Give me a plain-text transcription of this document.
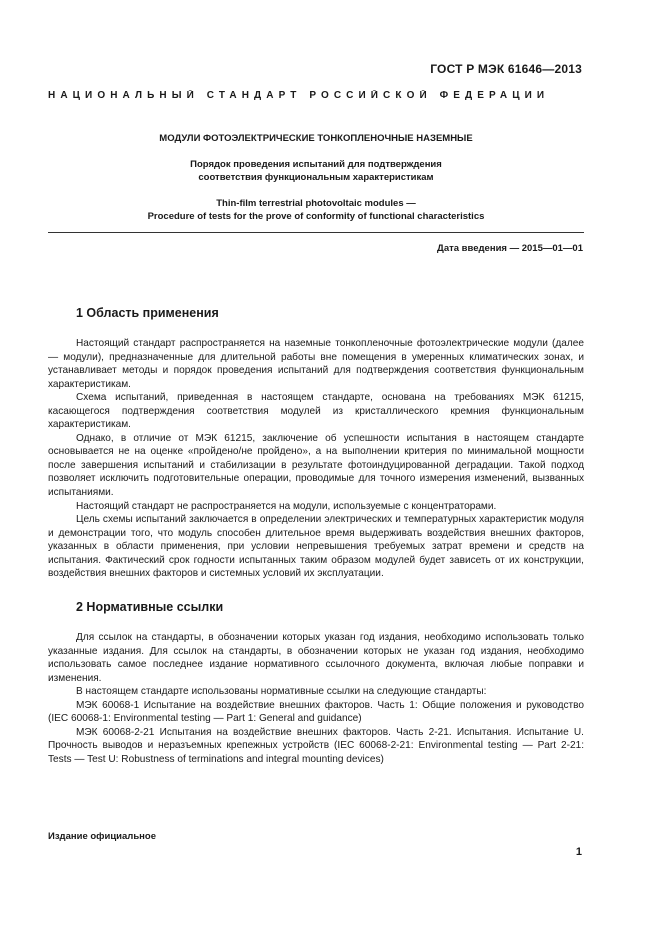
ГОСТ Р МЭК 61646—2013
НАЦИОНАЛЬНЫЙ СТАНДАРТ РОССИЙСКОЙ ФЕДЕРАЦИИ
МОДУЛИ ФОТОЭЛЕКТРИЧЕСКИЕ ТОНКОПЛЕНОЧНЫЕ НАЗЕМНЫЕ
Порядок проведения испытаний для подтверждения
соответствия функциональным характеристикам
Thin-film terrestrial photovoltaic modules —
Procedure of tests for the prove of conformity of functional characteristics
Дата введения — 2015—01—01
1 Область применения

Настоящий стандарт распространяется на наземные тонкопленочные фотоэлектрические модули (далее — модули), предназначенные для длительной работы вне помещения в умеренных климатических зонах, и устанавливает методы и порядок проведения испытаний для подтверждения соответствия функциональным характеристикам.

Схема испытаний, приведенная в настоящем стандарте, основана на требованиях МЭК 61215, касающегося подтверждения соответствия модулей из кристаллического кремния функциональным характеристикам.

Однако, в отличие от МЭК 61215, заключение об успешности испытания в настоящем стандарте основывается не на оценке «пройдено/не пройдено», а на выполнении критерия по минимальной мощности после завершения испытаний и стабилизации в результате фотоиндуцированной деградации. Такой подход позволяет исключить подготовительные операции, проводимые для точного измерения изменений, вызванных испытаниями.

Настоящий стандарт не распространяется на модули, используемые с концентраторами.

Цель схемы испытаний заключается в определении электрических и температурных характеристик модуля и демонстрации того, что модуль способен длительное время выдерживать воздействия внешних факторов, указанных в области применения, при условии непревышения требуемых затрат времени и средств на испытания. Фактический срок годности испытанных таким образом модулей будет зависеть от их конструкции, воздействия внешних факторов и системных условий их эксплуатации.

2 Нормативные ссылки

Для ссылок на стандарты, в обозначении которых указан год издания, необходимо использовать только указанные издания. Для ссылок на стандарты, в обозначении которых не указан год издания, необходимо использовать самое последнее издание нормативного ссылочного документа, включая любые поправки и изменения.

В настоящем стандарте использованы нормативные ссылки на следующие стандарты:

МЭК 60068-1 Испытание на воздействие внешних факторов. Часть 1: Общие положения и руководство (IEC 60068-1: Environmental testing — Part 1: General and guidance)

МЭК 60068-2-21 Испытания на воздействие внешних факторов. Часть 2-21. Испытания. Испытание U. Прочность выводов и неразъемных крепежных устройств (IEC 60068-2-21: Environmental testing — Part 2-21: Tests — Test U: Robustness of terminations and integral mounting devices)

Издание официальное
1
